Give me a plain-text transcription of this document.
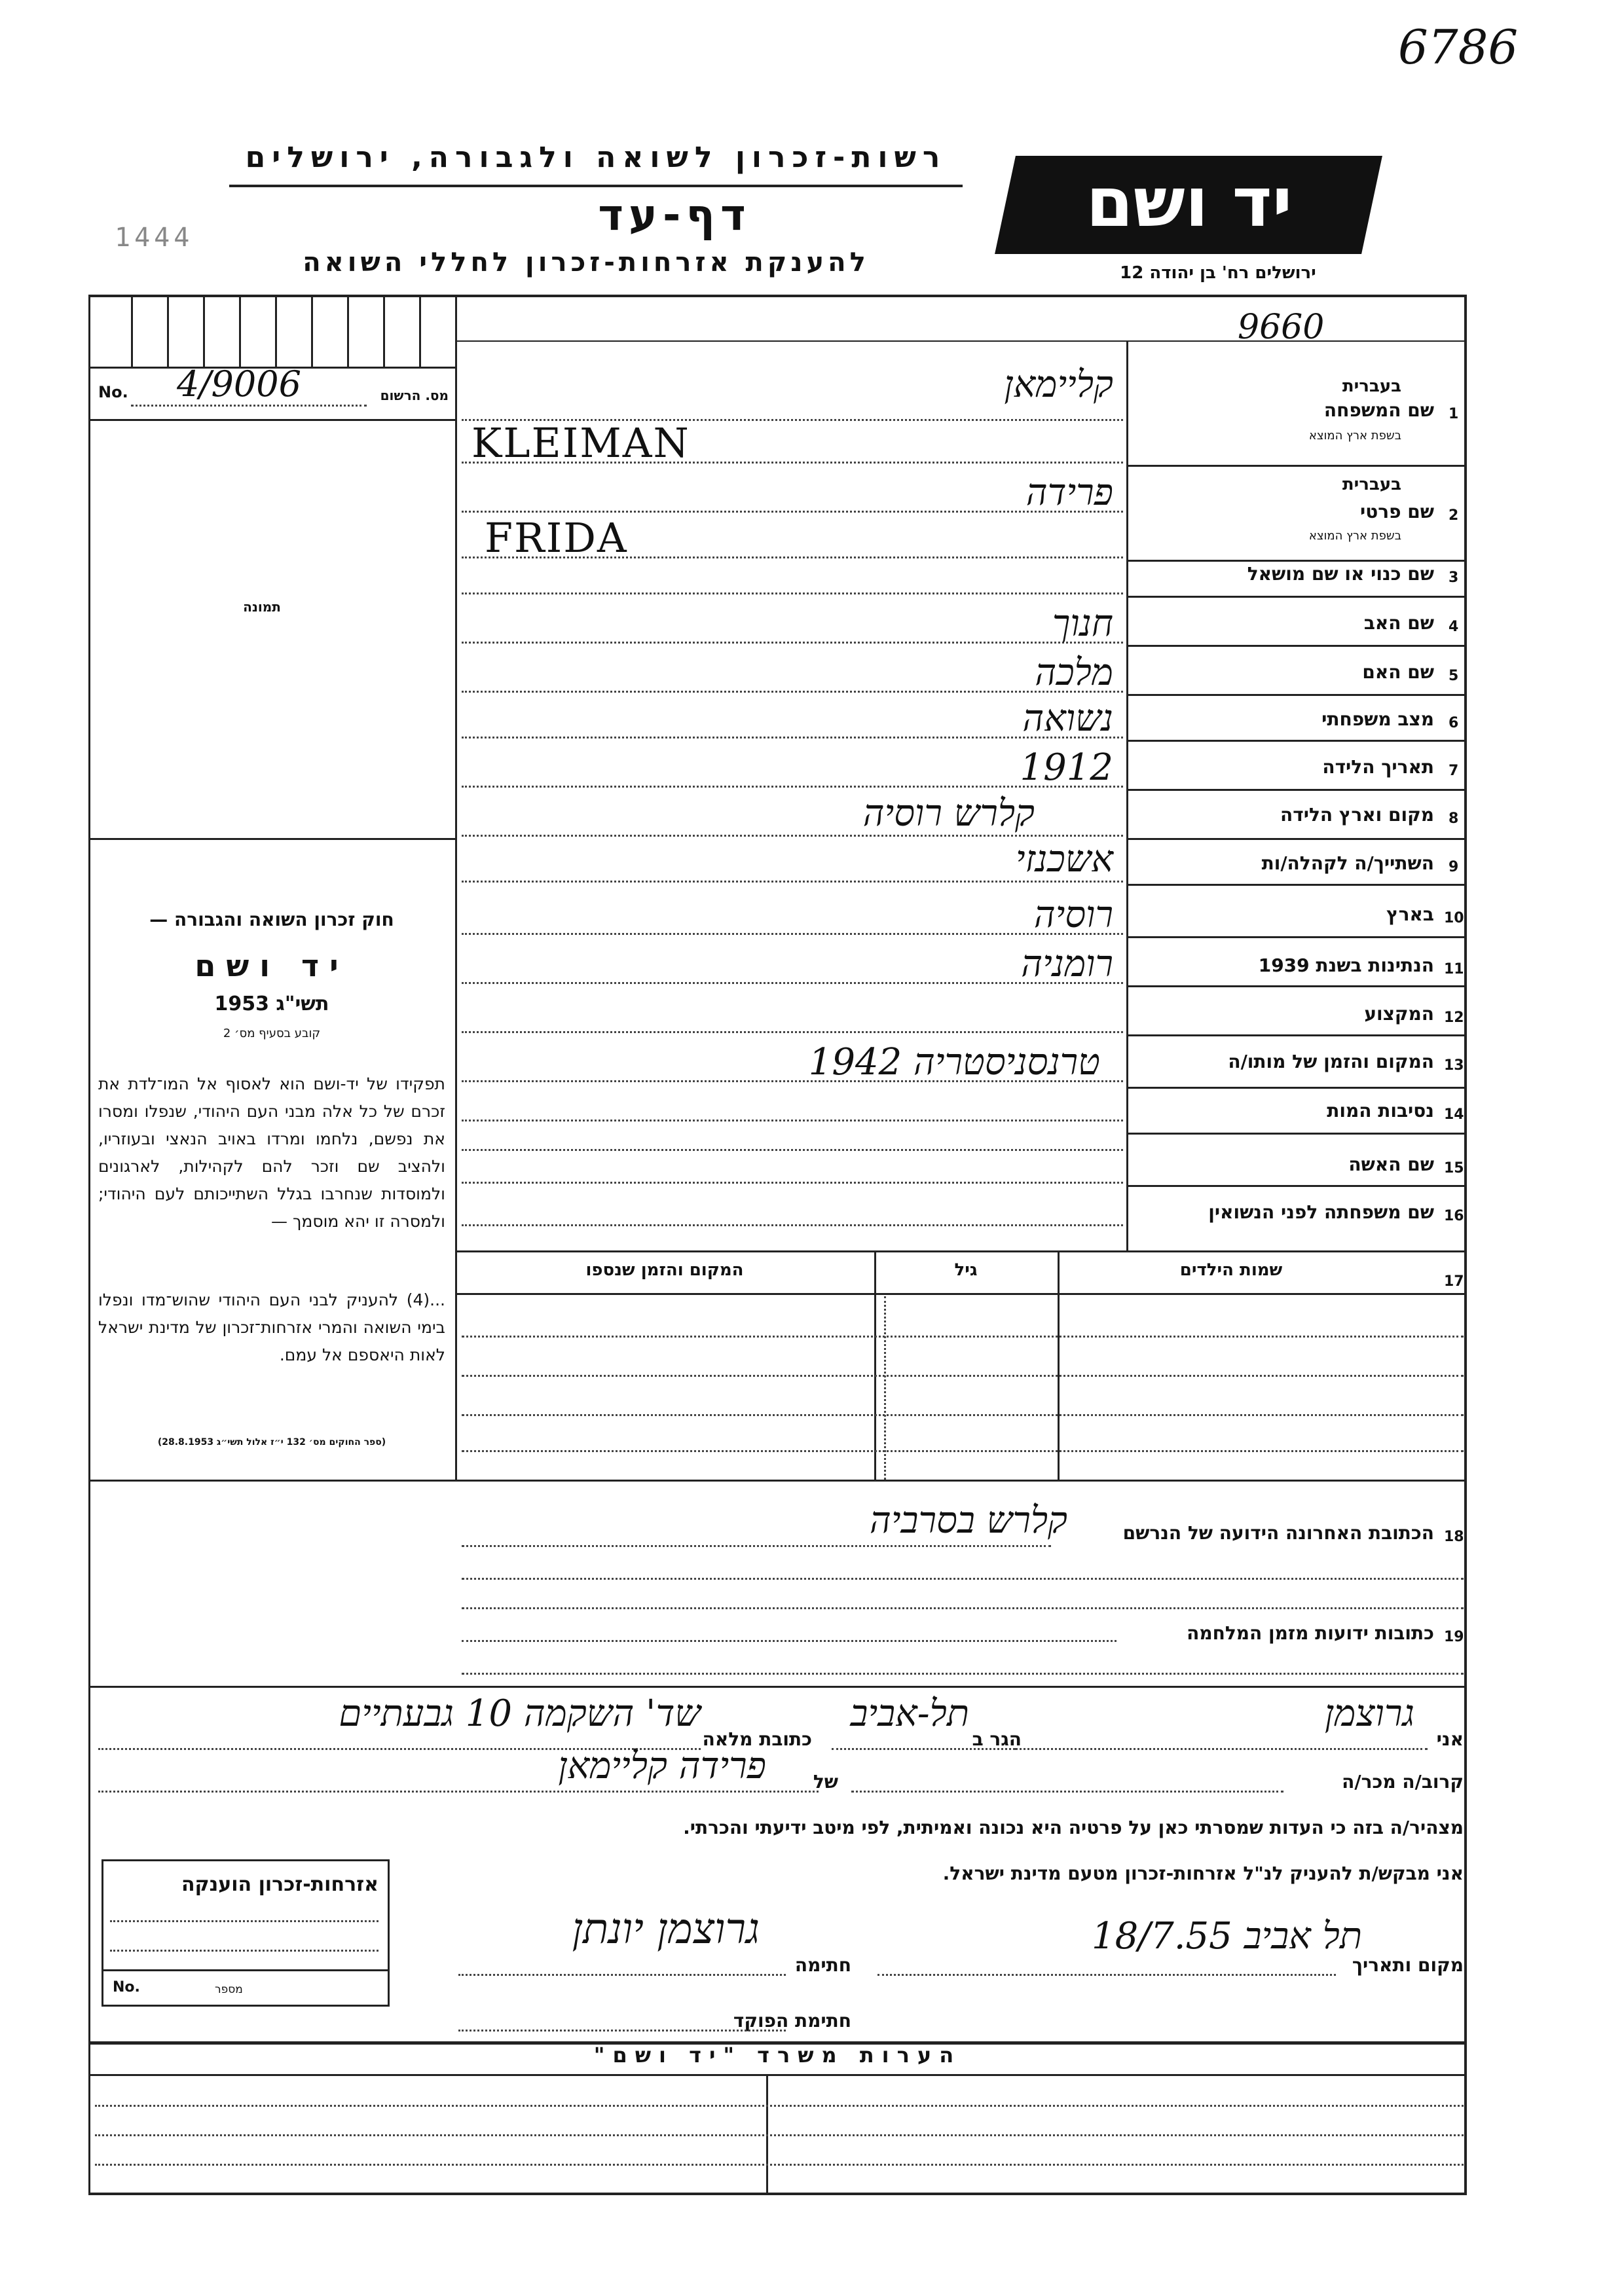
6786
רשות-זכרון לשואה ולגבורה, ירושלים
דף-עד
1444
להענקת אזרחות-זכרון לחללי השואה
יד ושם
ירושלים רח' בן יהודה 12
No. 4/9006	מס. הרשום
תמונה
חוק זכרון השואה והגבורה —
יד ושם
תשי"ג 1953
קובע בסעיף מס׳ 2
תפקידו של יד-ושם הוא לאסוף אל המו־לדת את זכרם של כל אלה מבני העם היהודי, שנפלו ומסרו את נפשם, נלחמו ומרדו באויב הנאצי ובעוזריו, ולהציב שם וזכר להם לקהילות, לארגונים ולמוסדות שנחרבו בגלל השתייכותם לעם היהודי; ולמסרה זו יהא מוסמך —
...(4) להעניק לבני העם היהודי שהוש־מדו ונפלו בימי השואה והמרי אזרחות־זכרון של מדינת ישראל לאות היאספם אל עמם.
(ספר החוקים מס׳ 132 י״ז אלול תשי״ג 28.8.1953)
9660
1
שם המשפחה
בעברית
בשפת ארץ המוצא
קליימאן
KLEIMAN
2
שם פרטי
בעברית
בשפת ארץ המוצא
פרידה
FRIDA
3
שם כנוי או שם מושאל
4
שם האב
חנוך
5
שם האם
מלכה
6
מצב משפחתי
נשואה
7
תאריך הלידה
1912
8
מקום וארץ הלידה
קלרש רוסיה
9
השתייך/ה לקהלה/ות
אשכנזי
10
בארץ
רוסיה
11
הנתינות בשנת 1939
רומניה
12
המקצוע
13
המקום והזמן של מותו/ה
טרנסניסטריה 1942
14
נסיבות המות
15
שם האשה
16
שם משפחתה לפני הנשואין
17
שמות הילדים
גיל
המקום והזמן שנספו
18
הכתובת האחרונה הידועה של הנרשם
קלרש בסרביה
19
כתובות ידועות מזמן המלחמה
אני
גרוצמן
הגר ב
תל-אביב
כתובת מלאה
שד' השקמה 10 גבעתיים
קרוב/ה מכר/ה
של
פרידה קליימאן
מצהיר/ה בזה כי העדות שמסרתי כאן על פרטיה היא נכונה ואמיתית, לפי מיטב ידיעתי והכרתי.
אני מבקש/ת להעניק לנ"ל אזרחות-זכרון מטעם מדינת ישראל.
מקום ותאריך
תל אביב 18/7.55
חתימה
גרוצמן יונתן
חתימת הפוקד
אזרחות-זכרון הוענקה
No.	מספר
הערות משרד "יד ושם"
